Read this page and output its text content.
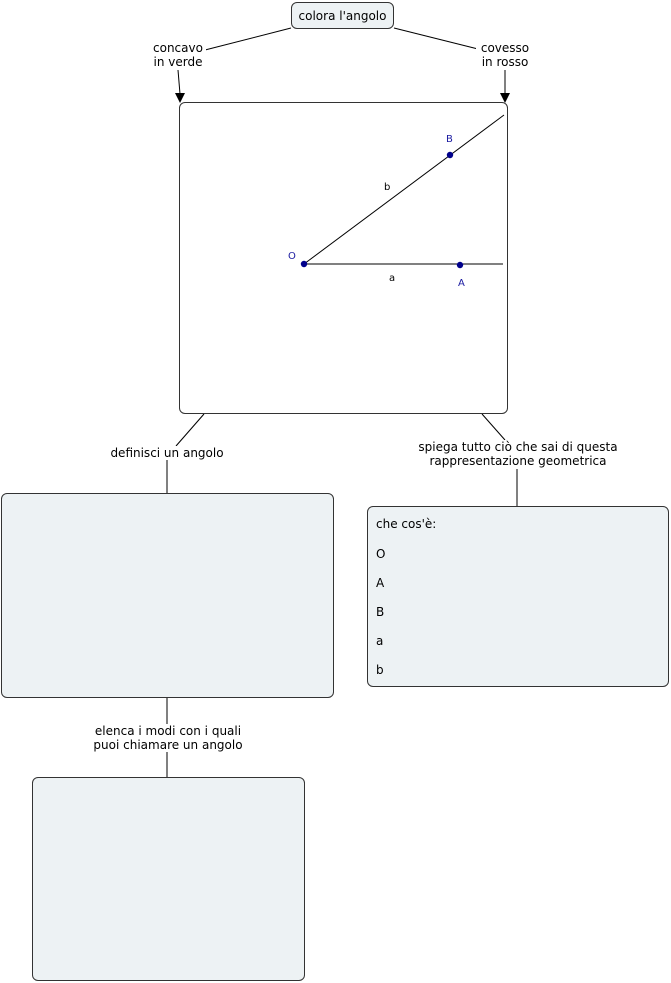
colora l'angolo
concavo
in verde
covesso
in rosso
definisci un angolo	spiega tutto ciò che sai di questa
rappresentazione geometrica
elenca i modi con i quali
puoi chiamare un angolo
O
A
B
a
b
che cos'è:
O
A
B
a
b
